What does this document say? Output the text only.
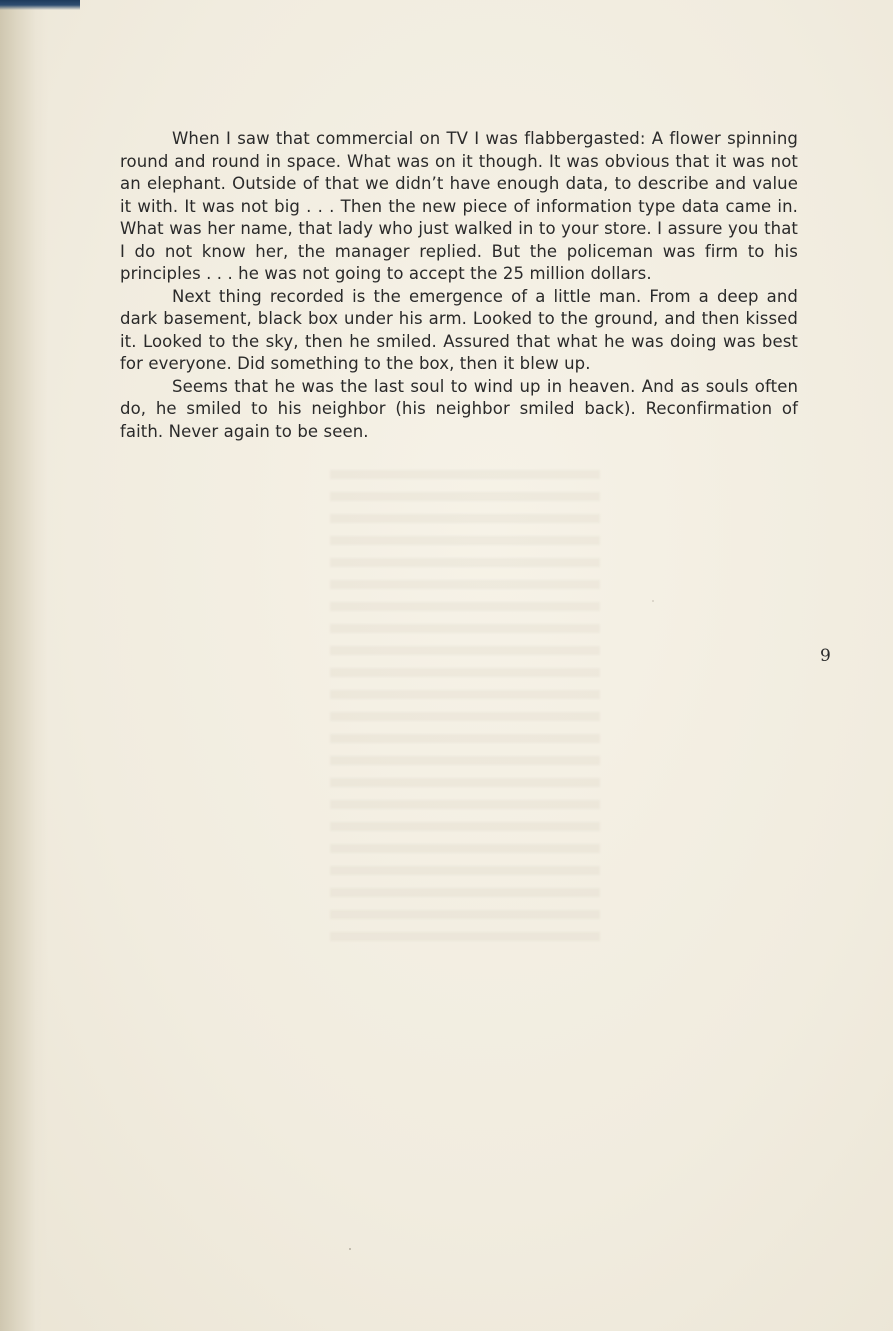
When I saw that commercial on TV I was flabbergasted: A flower spinning round and round in space. What was on it though. It was obvious that it was not an elephant. Outside of that we didn’t have enough data, to describe and value it with. It was not big . . . Then the new piece of information type data came in. What was her name, that lady who just walked in to your store. I assure you that I do not know her, the manager replied. But the policeman was firm to his principles . . . he was not going to accept the 25 million dollars.

Next thing recorded is the emergence of a little man. From a deep and dark basement, black box under his arm. Looked to the ground, and then kissed it. Looked to the sky, then he smiled. Assured that what he was doing was best for everyone. Did something to the box, then it blew up.

Seems that he was the last soul to wind up in heaven. And as souls often do, he smiled to his neighbor (his neighbor smiled back). Reconfirmation of faith. Never again to be seen.

9
